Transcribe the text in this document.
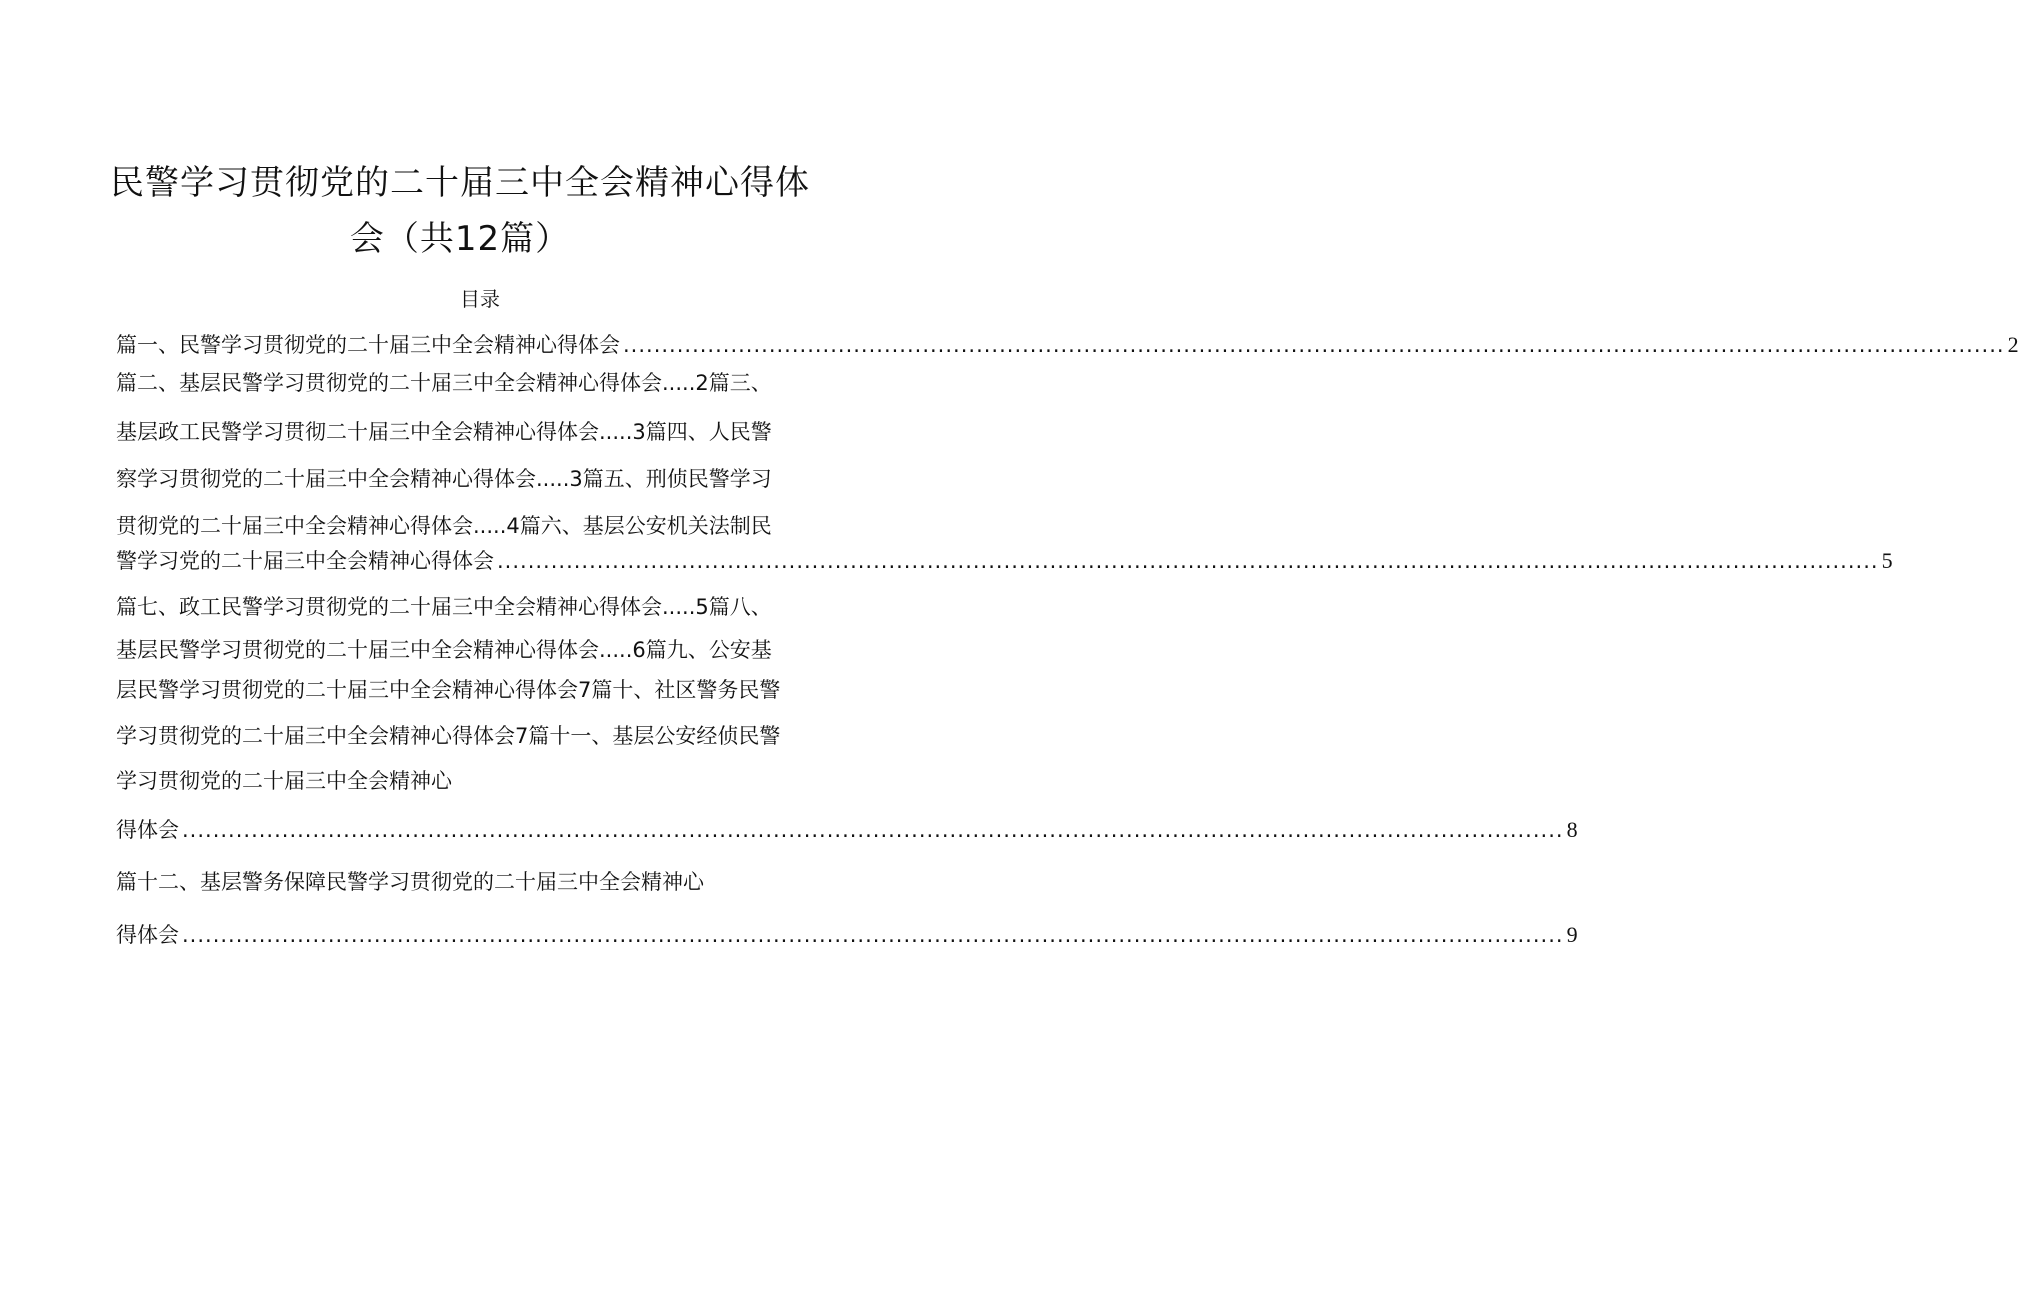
民警学习贯彻党的二十届三中全会精神心得体
会（共12篇）
目录
篇一、民警学习贯彻党的二十届三中全会精神心得体会 .................................................................................................................................................................................... 2
篇二、基层民警学习贯彻党的二十届三中全会精神心得体会.....2篇三、
基层政工民警学习贯彻二十届三中全会精神心得体会.....3篇四、人民警
察学习贯彻党的二十届三中全会精神心得体会.....3篇五、刑侦民警学习
贯彻党的二十届三中全会精神心得体会.....4篇六、基层公安机关法制民
警学习党的二十届三中全会精神心得体会 .................................................................................................................................................................................... 5
篇七、政工民警学习贯彻党的二十届三中全会精神心得体会.....5篇八、
基层民警学习贯彻党的二十届三中全会精神心得体会.....6篇九、公安基
层民警学习贯彻党的二十届三中全会精神心得体会7篇十、社区警务民警
学习贯彻党的二十届三中全会精神心得体会7篇十一、基层公安经侦民警
学习贯彻党的二十届三中全会精神心
得体会 .................................................................................................................................................................................... 8
篇十二、基层警务保障民警学习贯彻党的二十届三中全会精神心
得体会 .................................................................................................................................................................................... 9
